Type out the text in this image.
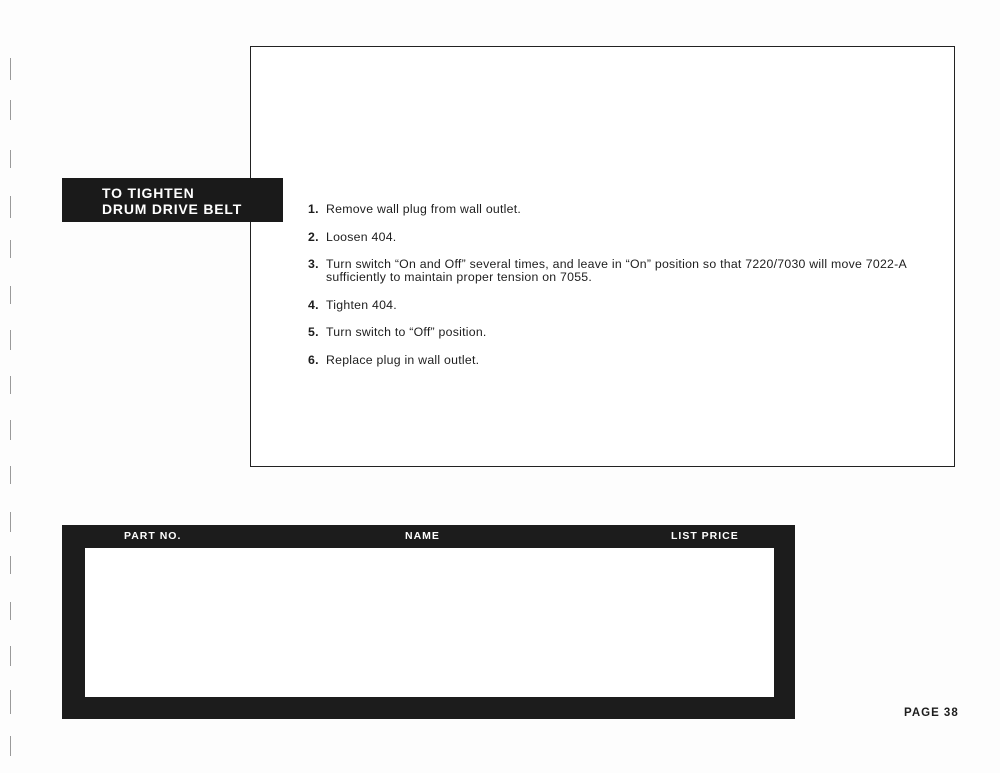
TO TIGHTEN
DRUM DRIVE BELT	1. Remove wall plug from wall outlet.
2. Loosen 404.
3. Turn switch “On and Off” several times, and leave in “On” position so that 7220/7030 will move 7022-A sufficiently to maintain proper tension on 7055.
4. Tighten 404.
5. Turn switch to “Off” position.
6. Replace plug in wall outlet.
PART NO.	NAME	LIST PRICE
PAGE 38
